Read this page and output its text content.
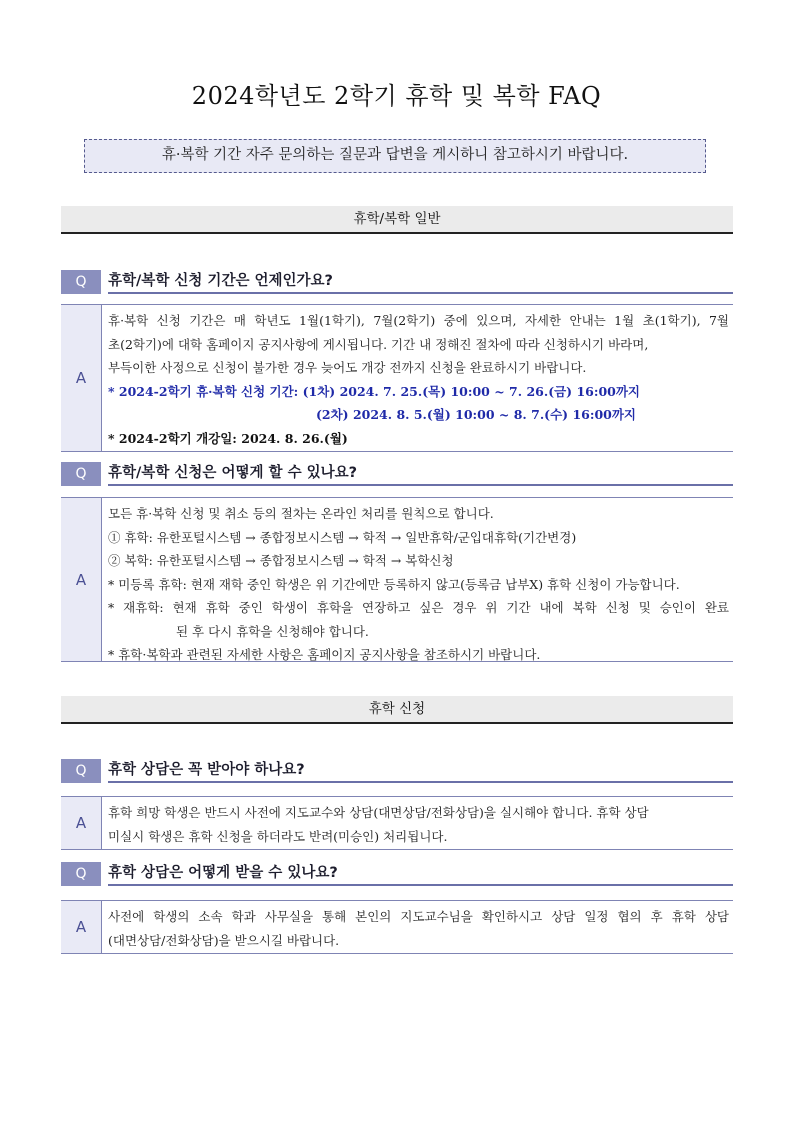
2024학년도 2학기 휴학 및 복학 FAQ
휴·복학 기간 자주 문의하는 질문과 답변을 게시하니 참고하시기 바랍니다.
휴학/복학 일반
Q	휴학/복학 신청 기간은 언제인가요?
A
휴·복학 신청 기간은 매 학년도 1월(1학기), 7월(2학기) 중에 있으며, 자세한 안내는 1월 초(1학기), 7월
초(2학기)에 대학 홈페이지 공지사항에 게시됩니다. 기간 내 정해진 절차에 따라 신청하시기 바라며,
부득이한 사정으로 신청이 불가한 경우 늦어도 개강 전까지 신청을 완료하시기 바랍니다.
* 2024-2학기 휴·복학 신청 기간: (1차) 2024. 7. 25.(목) 10:00 ~ 7. 26.(금) 16:00까지
(2차) 2024. 8. 5.(월) 10:00 ~ 8. 7.(수) 16:00까지
* 2024-2학기 개강일: 2024. 8. 26.(월)
Q	휴학/복학 신청은 어떻게 할 수 있나요?
A
모든 휴·복학 신청 및 취소 등의 절차는 온라인 처리를 원칙으로 합니다.
① 휴학: 유한포털시스템 → 종합정보시스템 → 학적 → 일반휴학/군입대휴학(기간변경)
② 복학: 유한포털시스템 → 종합정보시스템 → 학적 → 복학신청
* 미등록 휴학: 현재 재학 중인 학생은 위 기간에만 등록하지 않고(등록금 납부X) 휴학 신청이 가능합니다.
* 재휴학: 현재 휴학 중인 학생이 휴학을 연장하고 싶은 경우 위 기간 내에 복학 신청 및 승인이 완료
된 후 다시 휴학을 신청해야 합니다.
* 휴학·복학과 관련된 자세한 사항은 홈페이지 공지사항을 참조하시기 바랍니다.
휴학 신청
Q	휴학 상담은 꼭 받아야 하나요?
A
휴학 희망 학생은 반드시 사전에 지도교수와 상담(대면상담/전화상담)을 실시해야 합니다. 휴학 상담
미실시 학생은 휴학 신청을 하더라도 반려(미승인) 처리됩니다.
Q	휴학 상담은 어떻게 받을 수 있나요?
A
사전에 학생의 소속 학과 사무실을 통해 본인의 지도교수님을 확인하시고 상담 일정 협의 후 휴학 상담
(대면상담/전화상담)을 받으시길 바랍니다.
